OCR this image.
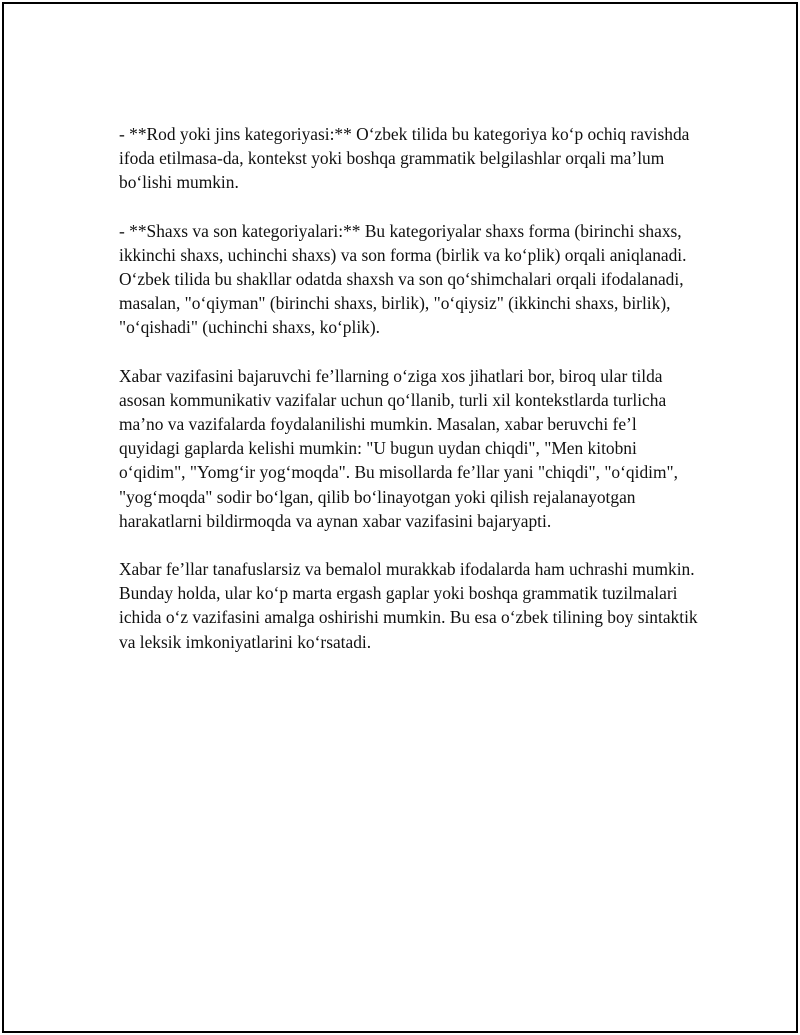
- **Rod yoki jins kategoriyasi:** O‘zbek tilida bu kategoriya ko‘p ochiq ravishda ifoda etilmasa-da, kontekst yoki boshqa grammatik belgilashlar orqali ma’lum bo‘lishi mumkin.

- **Shaxs va son kategoriyalari:** Bu kategoriyalar shaxs forma (birinchi shaxs, ikkinchi shaxs, uchinchi shaxs) va son forma (birlik va ko‘plik) orqali aniqlanadi. O‘zbek tilida bu shakllar odatda shaxsh va son qo‘shimchalari orqali ifodalanadi, masalan, "o‘qiyman" (birinchi shaxs, birlik), "o‘qiysiz" (ikkinchi shaxs, birlik), "o‘qishadi" (uchinchi shaxs, ko‘plik).

Xabar vazifasini bajaruvchi fe’llarning o‘ziga xos jihatlari bor, biroq ular tilda asosan kommunikativ vazifalar uchun qo‘llanib, turli xil kontekstlarda turlicha ma’no va vazifalarda foydalanilishi mumkin. Masalan, xabar beruvchi fe’l quyidagi gaplarda kelishi mumkin: "U bugun uydan chiqdi", "Men kitobni o‘qidim", "Yomg‘ir yog‘moqda". Bu misollarda fe’llar yani "chiqdi", "o‘qidim", "yog‘moqda" sodir bo‘lgan, qilib bo‘linayotgan yoki qilish rejalanayotgan harakatlarni bildirmoqda va aynan xabar vazifasini bajaryapti.

Xabar fe’llar tanafuslarsiz va bemalol murakkab ifodalarda ham uchrashi mumkin. Bunday holda, ular ko‘p marta ergash gaplar yoki boshqa grammatik tuzilmalari ichida o‘z vazifasini amalga oshirishi mumkin. Bu esa o‘zbek tilining boy sintaktik va leksik imkoniyatlarini ko‘rsatadi.
